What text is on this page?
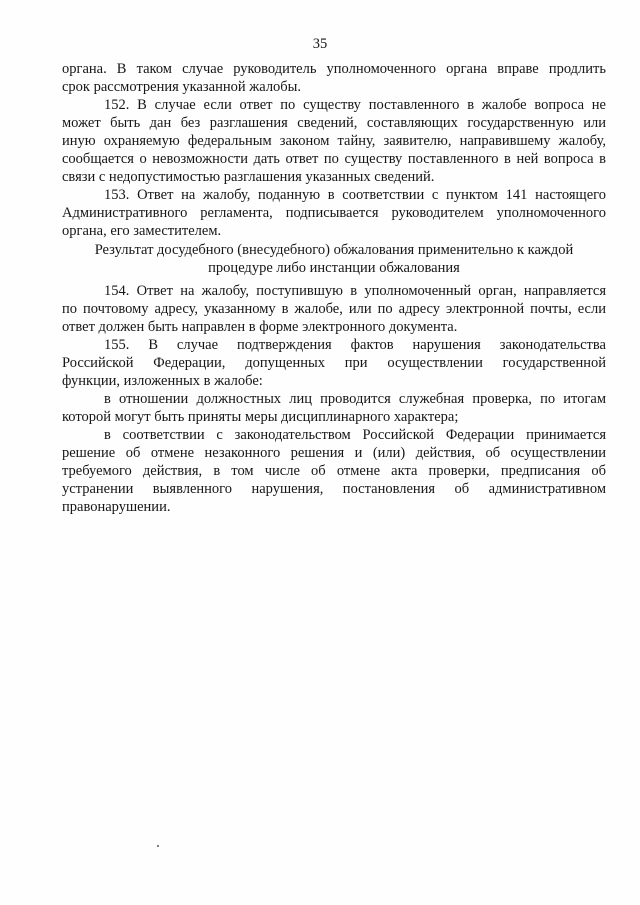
35
органа. В таком случае руководитель уполномоченного органа вправе продлить
срок рассмотрения указанной жалобы.
152. В случае если ответ по существу поставленного в жалобе вопроса не
может быть дан без разглашения сведений, составляющих государственную или
иную охраняемую федеральным законом тайну, заявителю, направившему жалобу,
сообщается о невозможности дать ответ по существу поставленного в ней вопроса в
связи с недопустимостью разглашения указанных сведений.
153. Ответ на жалобу, поданную в соответствии с пунктом 141 настоящего
Административного регламента, подписывается руководителем уполномоченного
органа, его заместителем.
Результат досудебного (внесудебного) обжалования применительно к каждой
процедуре либо инстанции обжалования
154. Ответ на жалобу, поступившую в уполномоченный орган, направляется
по почтовому адресу, указанному в жалобе, или по адресу электронной почты, если
ответ должен быть направлен в форме электронного документа.
155. В случае подтверждения фактов нарушения законодательства
Российской Федерации, допущенных при осуществлении государственной
функции, изложенных в жалобе:
в отношении должностных лиц проводится служебная проверка, по итогам
которой могут быть приняты меры дисциплинарного характера;
в соответствии с законодательством Российской Федерации принимается
решение об отмене незаконного решения и (или) действия, об осуществлении
требуемого действия, в том числе об отмене акта проверки, предписания об
устранении выявленного нарушения, постановления об административном
правонарушении.
